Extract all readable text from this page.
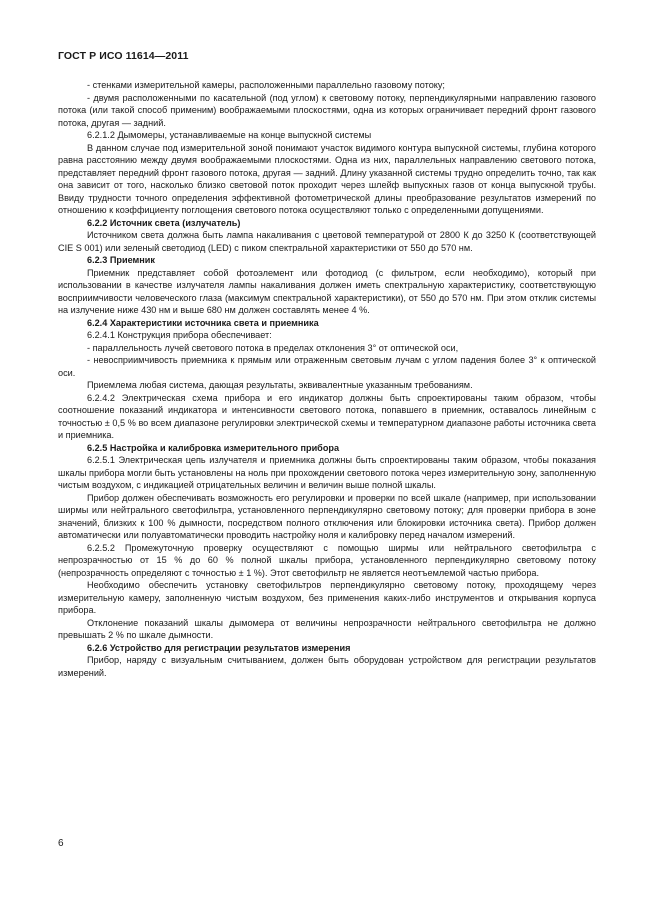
ГОСТ Р ИСО 11614—2011

- стенками измерительной камеры, расположенными параллельно газовому потоку;

- двумя расположенными по касательной (под углом) к световому потоку, перпендикулярными направлению газового потока (или такой способ применим) воображаемыми плоскостями, одна из которых ограничивает передний фронт газового потока, другая — задний.

6.2.1.2 Дымомеры, устанавливаемые на конце выпускной системы

В данном случае под измерительной зоной понимают участок видимого контура выпускной системы, глубина которого равна расстоянию между двумя воображаемыми плоскостями. Одна из них, параллельных направлению светового потока, представляет передний фронт газового потока, другая — задний. Длину указанной системы трудно определить точно, так как она зависит от того, насколько близко световой поток проходит через шлейф выпускных газов от конца выпускной трубы. Ввиду трудности точного определения эффективной фотометрической длины преобразование результатов измерений по отношению к коэффициенту поглощения светового потока осуществляют только с определенными допущениями.

6.2.2 Источник света (излучатель)

Источником света должна быть лампа накаливания с цветовой температурой от 2800 К до 3250 К (соответствующей CIE S 001) или зеленый светодиод (LED) с пиком спектральной характеристики от 550 до 570 нм.

6.2.3 Приемник

Приемник представляет собой фотоэлемент или фотодиод (с фильтром, если необходимо), который при использовании в качестве излучателя лампы накаливания должен иметь спектральную характеристику, соответствующую восприимчивости человеческого глаза (максимум спектральной характеристики), от 550 до 570 нм. При этом отклик системы на излучение ниже 430 нм и выше 680 нм должен составлять менее 4 %.

6.2.4 Характеристики источника света и приемника

6.2.4.1 Конструкция прибора обеспечивает:

- параллельность лучей светового потока в пределах отклонения 3° от оптической оси,

- невосприимчивость приемника к прямым или отраженным световым лучам с углом падения более 3° к оптической оси.

Приемлема любая система, дающая результаты, эквивалентные указанным требованиям.

6.2.4.2 Электрическая схема прибора и его индикатор должны быть спроектированы таким образом, чтобы соотношение показаний индикатора и интенсивности светового потока, попавшего в приемник, оставалось линейным с точностью ± 0,5 % во всем диапазоне регулировки электрической схемы и температурном диапазоне работы источника света и приемника.

6.2.5 Настройка и калибровка измерительного прибора

6.2.5.1 Электрическая цепь излучателя и приемника должны быть спроектированы таким образом, чтобы показания шкалы прибора могли быть установлены на ноль при прохождении светового потока через измерительную зону, заполненную чистым воздухом, с индикацией отрицательных величин и величин выше полной шкалы.

Прибор должен обеспечивать возможность его регулировки и проверки по всей шкале (например, при использовании ширмы или нейтрального светофильтра, установленного перпендикулярно световому потоку; для проверки прибора в зоне значений, близких к 100 % дымности, посредством полного отключения или блокировки источника света). Прибор должен автоматически или полуавтоматически проводить настройку ноля и калибровку перед началом измерений.

6.2.5.2 Промежуточную проверку осуществляют с помощью ширмы или нейтрального светофильтра с непрозрачностью от 15 % до 60 % полной шкалы прибора, установленного перпендикулярно световому потоку (непрозрачность определяют с точностью ± 1 %). Этот светофильтр не является неотъемлемой частью прибора.

Необходимо обеспечить установку светофильтров перпендикулярно световому потоку, проходящему через измерительную камеру, заполненную чистым воздухом, без применения каких-либо инструментов и открывания корпуса прибора.

Отклонение показаний шкалы дымомера от величины непрозрачности нейтрального светофильтра не должно превышать 2 % по шкале дымности.

6.2.6 Устройство для регистрации результатов измерения

Прибор, наряду с визуальным считыванием, должен быть оборудован устройством для регистрации результатов измерений.

6
